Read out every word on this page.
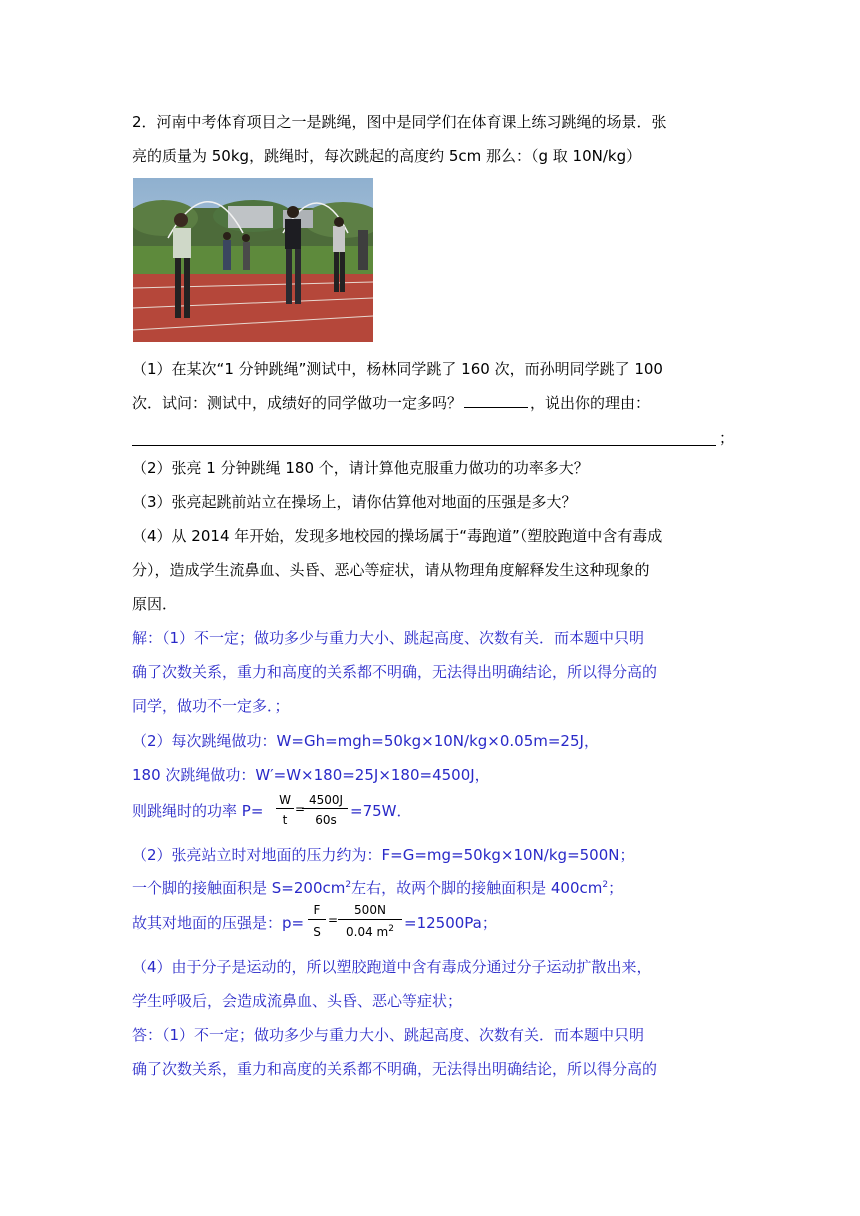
2．河南中考体育项目之一是跳绳，图中是同学们在体育课上练习跳绳的场景．张
亮的质量为 50kg，跳绳时，每次跳起的高度约 5cm 那么：（g 取 10N/kg）
（1）在某次“1 分钟跳绳”测试中，杨林同学跳了 160 次，而孙明同学跳了 100
次．试问：测试中，成绩好的同学做功一定多吗？	，说出你的理由：
；
（2）张亮 1 分钟跳绳 180 个，请计算他克服重力做功的功率多大？
（3）张亮起跳前站立在操场上，请你估算他对地面的压强是多大？
（4）从 2014 年开始，发现多地校园的操场属于“毒跑道”（塑胶跑道中含有毒成
分），造成学生流鼻血、头昏、恶心等症状，请从物理角度解释发生这种现象的
原因．
解：（1）不一定；做功多少与重力大小、跳起高度、次数有关．而本题中只明
确了次数关系，重力和高度的关系都不明确，无法得出明确结论，所以得分高的
同学，做功不一定多．；
（2）每次跳绳做功：W=Gh=mgh=50kg×10N/kg×0.05m=25J，
180 次跳绳做功：W′=W×180=25J×180=4500J，
则跳绳时的功率 P=
W
t
=
4500J
60s =75W．
（2）张亮站立时对地面的压力约为：F=G=mg=50kg×10N/kg=500N；
一个脚的接触面积是 $S=200cm^2$左右，故两个脚的接触面积是 $400cm^2$；
故其对地面的压强是：p=
F
S
=
500N
0.04 $m^2 =12500Pa$；
（4）由于分子是运动的，所以塑胶跑道中含有毒成分通过分子运动扩散出来，
学生呼吸后，会造成流鼻血、头昏、恶心等症状；
答：（1）不一定；做功多少与重力大小、跳起高度、次数有关．而本题中只明
确了次数关系，重力和高度的关系都不明确，无法得出明确结论，所以得分高的
